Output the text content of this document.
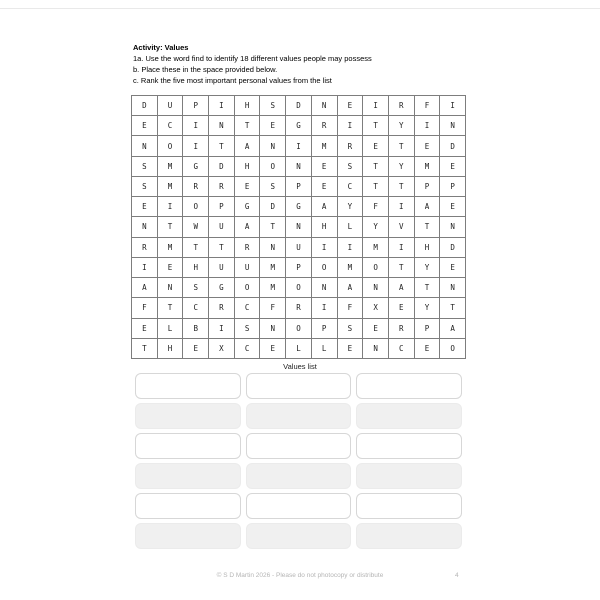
Activity: Values
1a. Use the word find to identify 18 different values people may possess
b. Place these in the space provided below.
c. Rank the five most important personal values from the list
D	U	P	I	H	S	D	N	E	I	R	F	I
E	C	I	N	T	E	G	R	I	T	Y	I	N
N	O	I	T	A	N	I	M	R	E	T	E	D
S	M	G	D	H	O	N	E	S	T	Y	M	E
S	M	R	R	E	S	P	E	C	T	T	P	P
E	I	O	P	G	D	G	A	Y	F	I	A	E
N	T	W	U	A	T	N	H	L	Y	V	T	N
R	M	T	T	R	N	U	I	I	M	I	H	D
I	E	H	U	U	M	P	O	M	O	T	Y	E
A	N	S	G	O	M	O	N	A	N	A	T	N
F	T	C	R	C	F	R	I	F	X	E	Y	T
E	L	B	I	S	N	O	P	S	E	R	P	A
T	H	E	X	C	E	L	L	E	N	C	E	O
Values list
© S D Martin 2026 - Please do not photocopy or distribute	4
